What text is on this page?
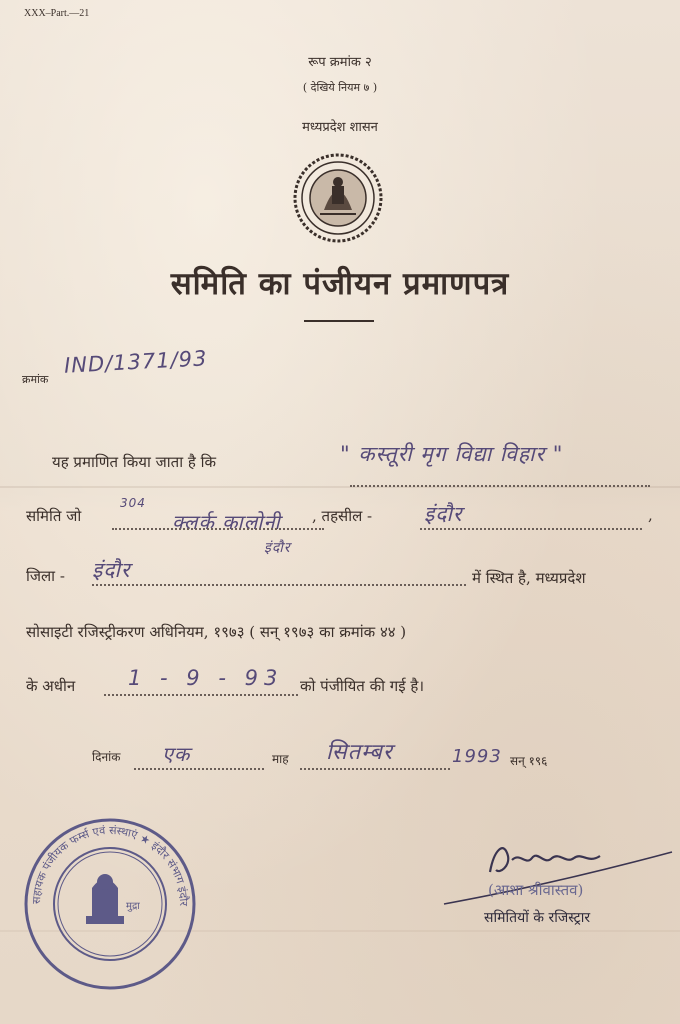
XXX–Part.—21
रूप क्रमांक २
( देखिये नियम ७ )
मध्यप्रदेश शासन
समिति का पंजीयन प्रमाणपत्र
क्रमांक
IND/1371/93
यह प्रमाणित किया जाता है कि	" कस्तूरी मृग विद्या विहार "
समिति जो
304
क्लर्क कालोनी , तहसील - इंदौर	,
इंदौर
जिला - इंदौर	में स्थित है, मध्यप्रदेश
सोसाइटी रजिस्ट्रीकरण अधिनियम, १९७३ ( सन् १९७३ का क्रमांक ४४ )
के अधीन	1 - 9 - 93 को पंजीयित की गई है।
दिनांक एक	माह सितम्बर	1993 सन् १९६
सहायक पंजीयक फर्म्स एवं संस्थाएं ★ इंदौर संभाग इंदौर
मुद्रा
(आशा श्रीवास्तव)
समितियों के रजिस्ट्रार
